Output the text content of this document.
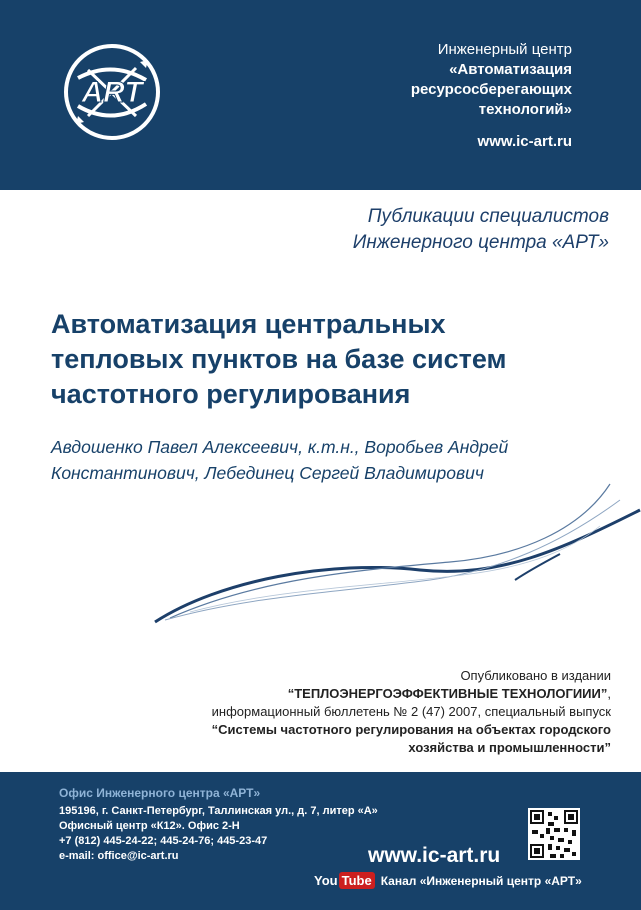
ART
Инженерный центр
«Автоматизация
ресурсосберегающих
технологий»
www.ic-art.ru
Публикации специалистов
Инженерного центра «АРТ»
Автоматизация центральных
тепловых пунктов на базе систем
частотного регулирования
Авдошенко Павел Алексеевич, к.т.н., Воробьев Андрей
Константинович, Лебединец Сергей Владимирович
Опубликовано в издании
“ТЕПЛОЭНЕРГОЭФФЕКТИВНЫЕ ТЕХНОЛОГИИИ”,
информационный бюллетень № 2 (47) 2007, специальный выпуск
“Системы частотного регулирования на объектах городского
хозяйства и промышленности”
Офис Инженерного центра «АРТ»
195196, г. Санкт-Петербург, Таллинская ул., д. 7, литер «А»
Офисный центр «К12». Офис 2-Н
+7 (812) 445-24-22; 445-24-76; 445-23-47
e-mail: office@ic-art.ru	www.ic-art.ru
You Tube Канал «Инженерный центр «АРТ»
